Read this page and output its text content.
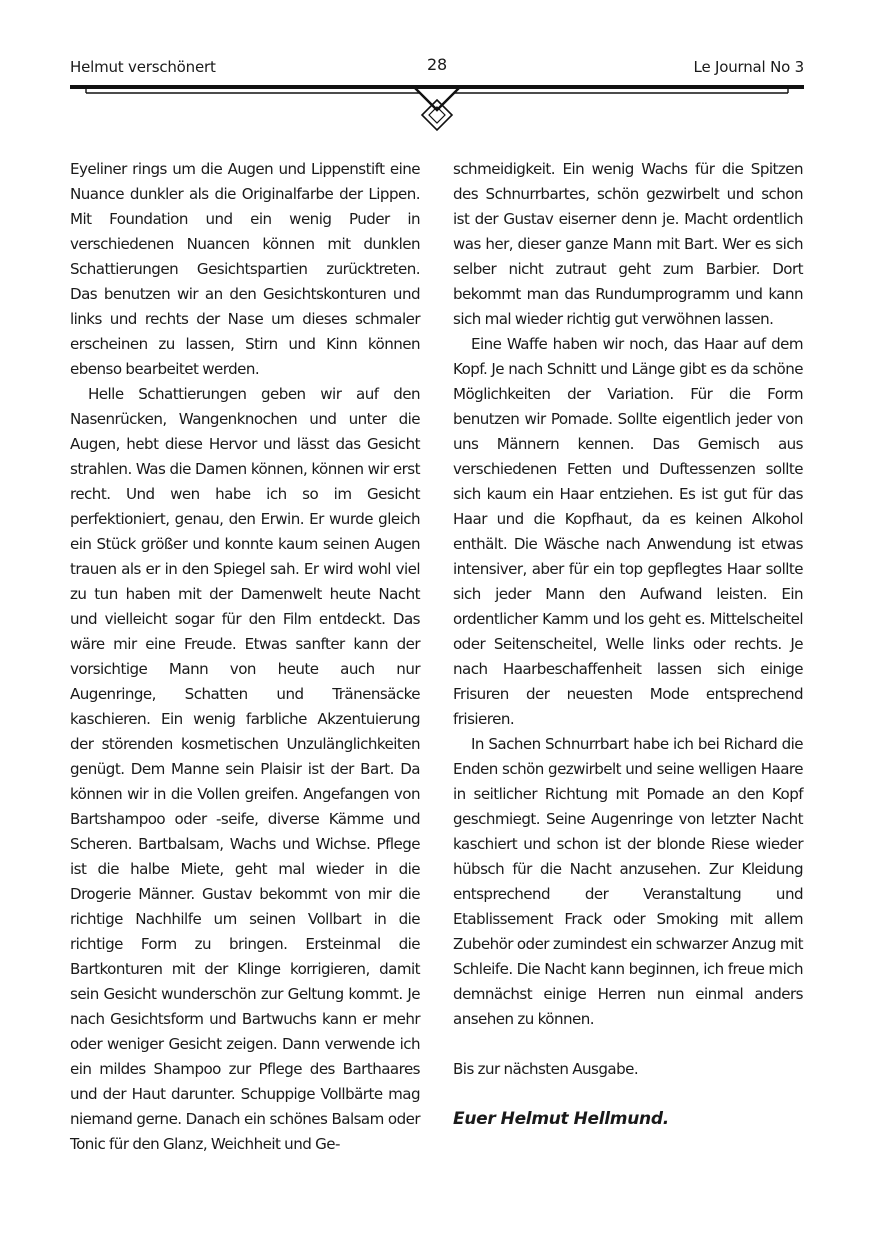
Helmut verschönert	28	Le Journal No 3

Eyeliner rings um die Augen und Lippenstift eine Nuance dunkler als die Originalfarbe der Lippen. Mit Foundation und ein wenig Puder in verschiedenen Nuancen können mit dunklen Schattierungen Gesichtspartien zurücktreten. Das benutzen wir an den Gesichtskonturen und links und rechts der Nase um dieses schmaler erscheinen zu lassen, Stirn und Kinn können ebenso bearbeitet werden.

Helle Schattierungen geben wir auf den Nasenrücken, Wangenknochen und unter die Augen, hebt diese Hervor und lässt das Gesicht strahlen. Was die Damen können, können wir erst recht. Und wen habe ich so im Gesicht perfektioniert, genau, den Erwin. Er wurde gleich ein Stück größer und konnte kaum seinen Augen trauen als er in den Spiegel sah. Er wird wohl viel zu tun haben mit der Damenwelt heute Nacht und vielleicht sogar für den Film entdeckt. Das wäre mir eine Freude. Etwas sanfter kann der vorsichtige Mann von heute auch nur Augenringe, Schatten und Tränensäcke kaschieren. Ein wenig farbliche Akzentuierung der störenden kosmetischen Unzulänglichkeiten genügt. Dem Manne sein Plaisir ist der Bart. Da können wir in die Vollen greifen. Angefangen von Bartshampoo oder -seife, diverse Kämme und Scheren. Bartbalsam, Wachs und Wichse. Pflege ist die halbe Miete, geht mal wieder in die Drogerie Männer. Gustav bekommt von mir die richtige Nachhilfe um seinen Vollbart in die richtige Form zu bringen. Ersteinmal die Bartkonturen mit der Klinge korrigieren, damit sein Gesicht wunderschön zur Geltung kommt. Je nach Gesichtsform und Bartwuchs kann er mehr oder weniger Gesicht zeigen. Dann verwende ich ein mildes Shampoo zur Pflege des Barthaares und der Haut darunter. Schuppige Vollbärte mag niemand gerne. Danach ein schönes Balsam oder Tonic für den Glanz, Weichheit und Ge-

schmeidigkeit. Ein wenig Wachs für die Spitzen des Schnurrbartes, schön gezwirbelt und schon ist der Gustav eiserner denn je. Macht ordentlich was her, dieser ganze Mann mit Bart. Wer es sich selber nicht zutraut geht zum Barbier. Dort bekommt man das Rundumprogramm und kann sich mal wieder richtig gut verwöhnen lassen.

Eine Waffe haben wir noch, das Haar auf dem Kopf. Je nach Schnitt und Länge gibt es da schöne Möglichkeiten der Variation. Für die Form benutzen wir Pomade. Sollte eigentlich jeder von uns Männern kennen. Das Gemisch aus verschiedenen Fetten und Duftessenzen sollte sich kaum ein Haar entziehen. Es ist gut für das Haar und die Kopfhaut, da es keinen Alkohol enthält. Die Wäsche nach Anwendung ist etwas intensiver, aber für ein top gepflegtes Haar sollte sich jeder Mann den Aufwand leisten. Ein ordentlicher Kamm und los geht es. Mittelscheitel oder Seitenscheitel, Welle links oder rechts. Je nach Haarbeschaffenheit lassen sich einige Frisuren der neuesten Mode entsprechend frisieren.

In Sachen Schnurrbart habe ich bei Richard die Enden schön gezwirbelt und seine welligen Haare in seitlicher Richtung mit Pomade an den Kopf geschmiegt. Seine Augenringe von letzter Nacht kaschiert und schon ist der blonde Riese wieder hübsch für die Nacht anzusehen. Zur Kleidung entsprechend der Veranstaltung und Etablissement Frack oder Smoking mit allem Zubehör oder zumindest ein schwarzer Anzug mit Schleife. Die Nacht kann beginnen, ich freue mich demnächst einige Herren nun einmal anders ansehen zu können.

Bis zur nächsten Ausgabe.

Euer Helmut Hellmund.
